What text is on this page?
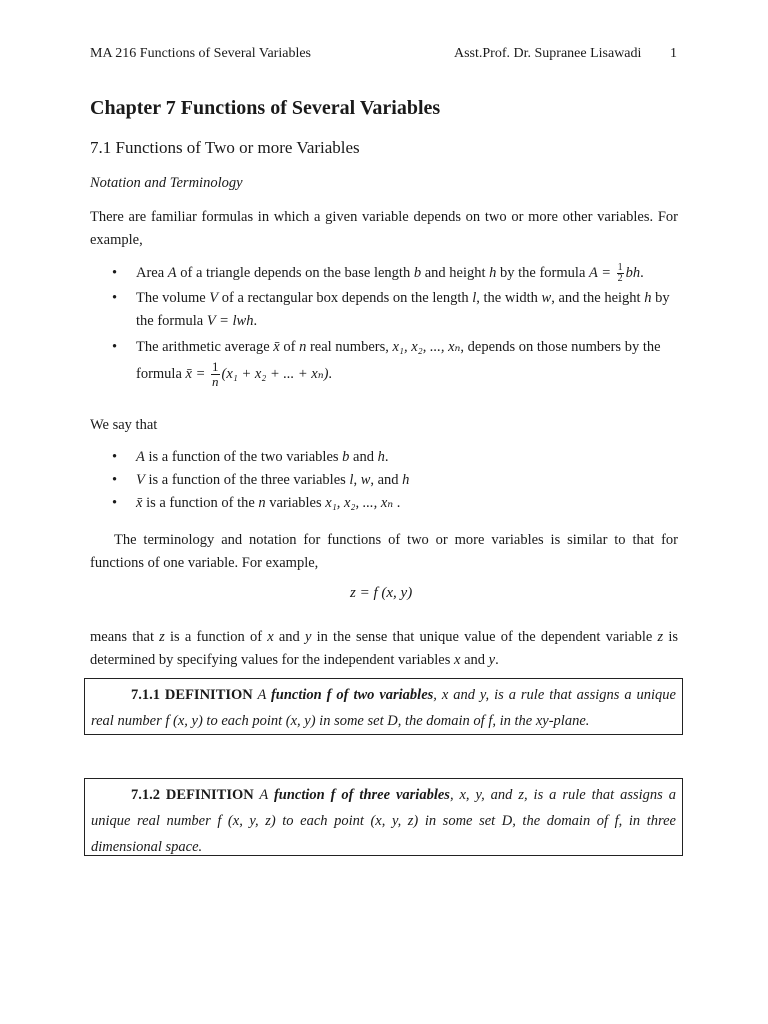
MA 216 Functions of Several Variables	Asst.Prof. Dr. Supranee Lisawadi 1
Chapter 7 Functions of Several Variables
7.1 Functions of Two or more Variables
Notation and Terminology
There are familiar formulas in which a given variable depends on two or more other variables. For example,

• Area A of a triangle depends on the base length b and height h by the formula $A = \frac{1}{2}$ bh.

• The volume V of a rectangular box depends on the length l, the width w, and the height h by the formula V = lwh.

• The arithmetic average x̄ of n real numbers, x₁, x₂, ..., xₙ, depends on those numbers by the formula x̄ = $\frac{1}{n} (x_1 + x_2$ + ... + xₙ).

We say that

• A is a function of the two variables b and h.

• V is a function of the three variables l, w, and h

• x̄ is a function of the n variables x₁, x₂, ..., xₙ .

The terminology and notation for functions of two or more variables is similar to that for functions of one variable. For example,
z = f (x, y)
means that z is a function of x and y in the sense that unique value of the dependent variable z is determined by specifying values for the independent variables x and y.
7.1.1 DEFINITION A function f of two variables, x and y, is a rule that assigns a unique real number f (x, y) to each point (x, y) in some set D, the domain of f, in the xy-plane.
7.1.2 DEFINITION A function f of three variables, x, y, and z, is a rule that assigns a unique real number f (x, y, z) to each point (x, y, z) in some set D, the domain of f, in three dimensional space.
